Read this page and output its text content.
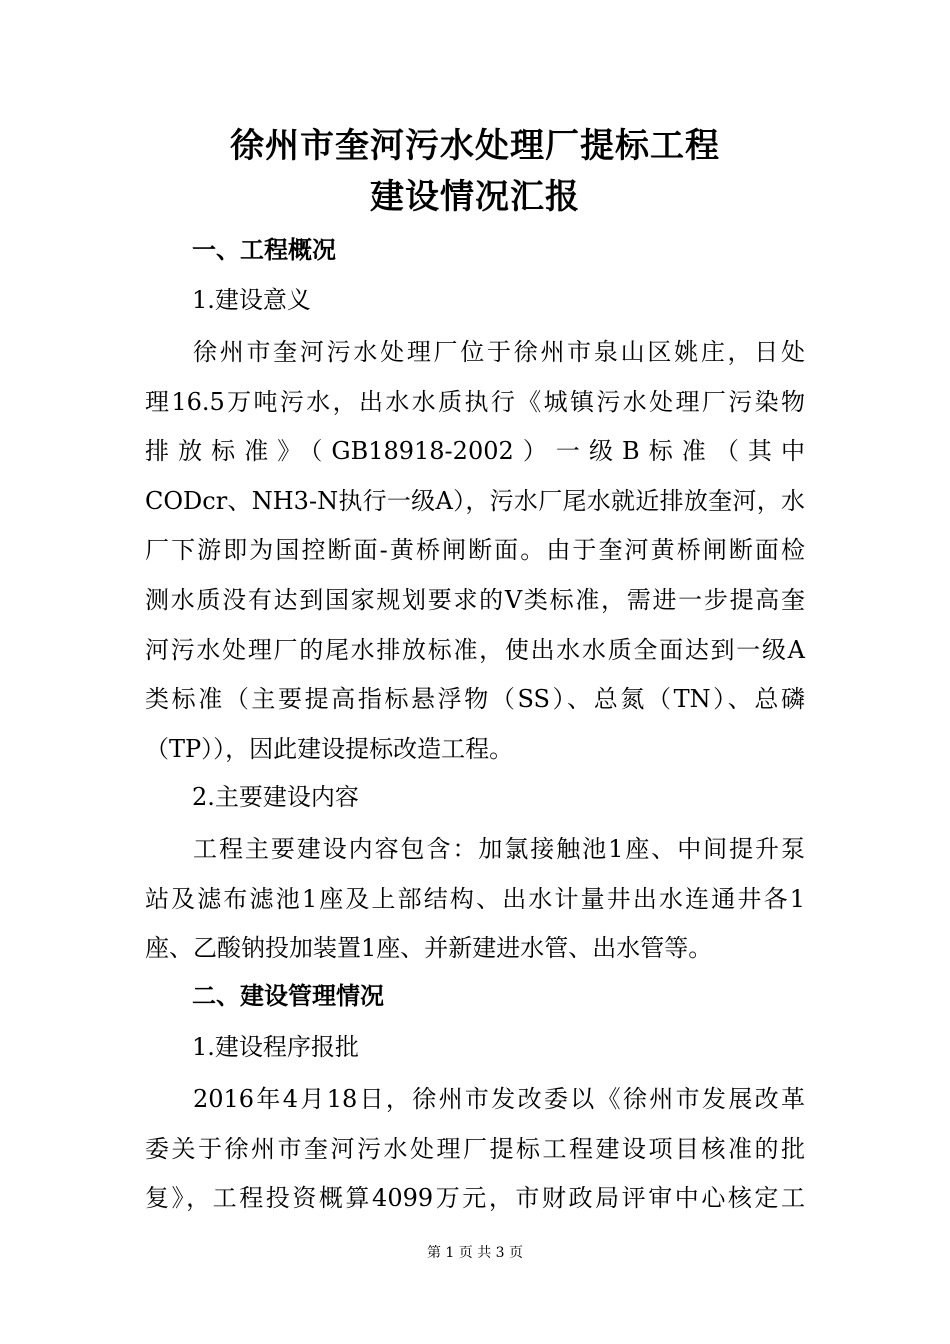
徐州市奎河污水处理厂提标工程
建设情况汇报
一、工程概况
1.建设意义
徐州市奎河污水处理厂位于徐州市泉山区姚庄，日处
理16.5万吨污水，出水水质执行《城镇污水处理厂污染物
排放标准》（GB18918-2002）一级B标准（其中
CODcr、NH3-N执行一级A），污水厂尾水就近排放奎河，水
厂下游即为国控断面-黄桥闸断面。由于奎河黄桥闸断面检
测水质没有达到国家规划要求的V类标准，需进一步提高奎
河污水处理厂的尾水排放标准，使出水水质全面达到一级A
类标准（主要提高指标悬浮物（SS）、总氮（TN）、总磷
（TP）），因此建设提标改造工程。
2.主要建设内容
工程主要建设内容包含：加氯接触池1座、中间提升泵
站及滤布滤池1座及上部结构、出水计量井出水连通井各1
座、乙酸钠投加装置1座、并新建进水管、出水管等。
二、建设管理情况
1.建设程序报批
2016年4月18日，徐州市发改委以《徐州市发展改革
委关于徐州市奎河污水处理厂提标工程建设项目核准的批
复》，工程投资概算4099万元，市财政局评审中心核定工
第 1 页 共 3 页
